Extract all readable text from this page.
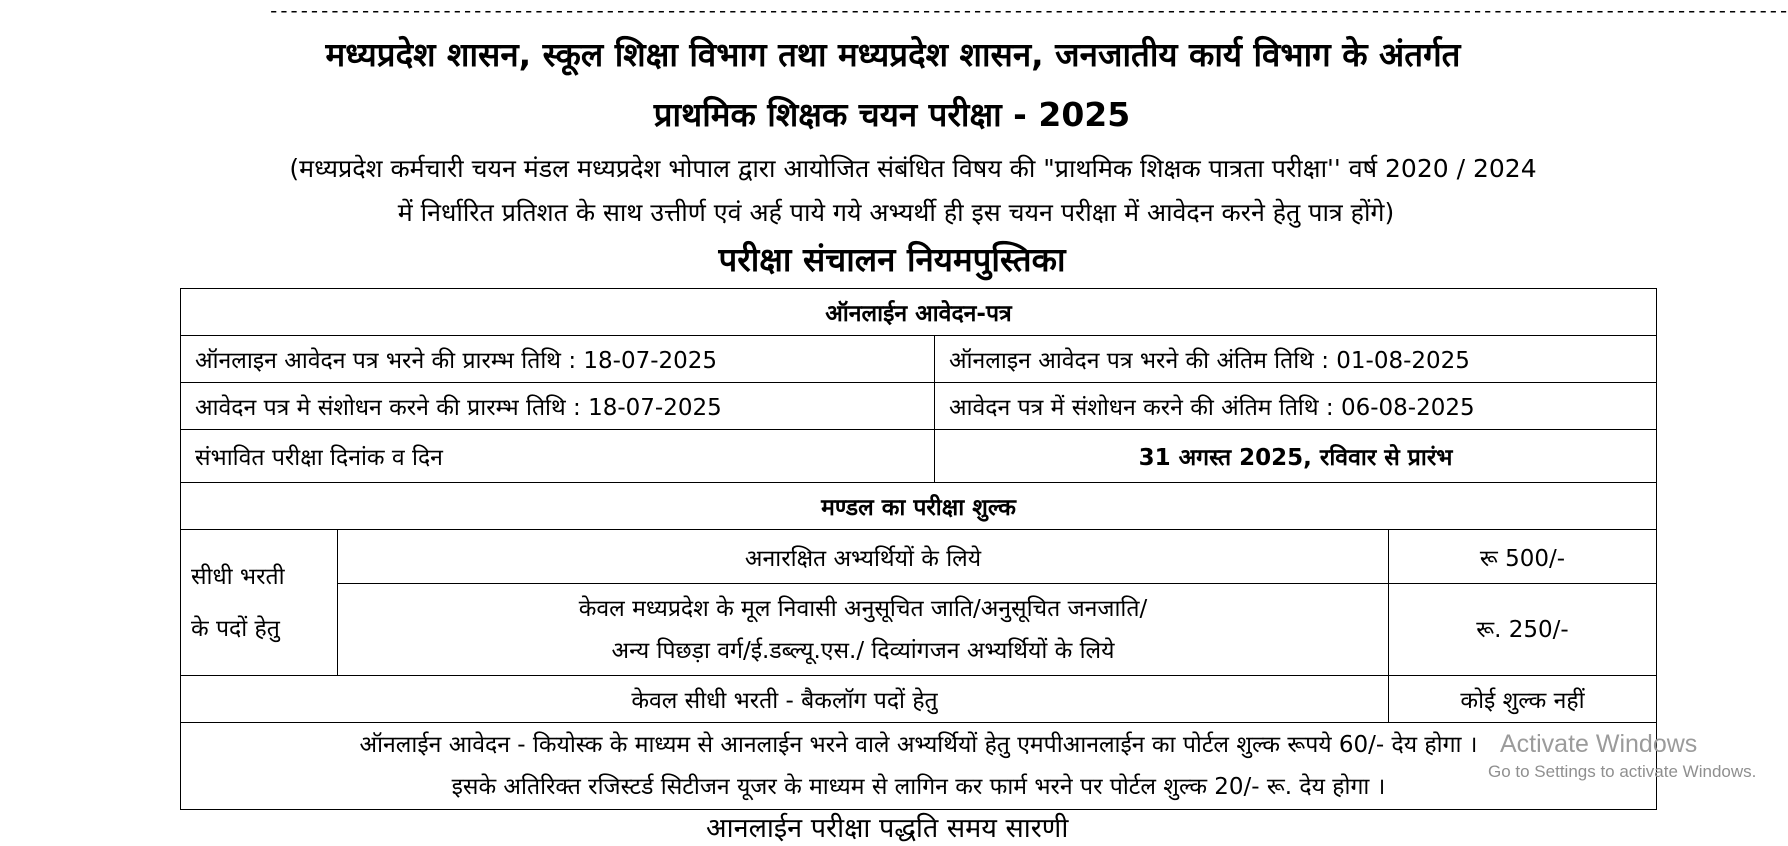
-----------------------------------------------------------------------------------------------------------------------------------------------------
मध्यप्रदेश शासन, स्कूल शिक्षा विभाग तथा मध्यप्रदेश शासन, जनजातीय कार्य विभाग के अंतर्गत
प्राथमिक शिक्षक चयन परीक्षा - 2025
(मध्यप्रदेश कर्मचारी चयन मंडल मध्यप्रदेश भोपाल द्वारा आयोजित संबंधित विषय की "प्राथमिक शिक्षक पात्रता परीक्षा'' वर्ष 2020 / 2024
में निर्धारित प्रतिशत के साथ उत्तीर्ण एवं अर्ह पाये गये अभ्यर्थी ही इस चयन परीक्षा में आवेदन करने हेतु पात्र होंगे)
परीक्षा संचालन नियमपुस्तिका
ऑनलाईन आवेदन-पत्र			
ऑनलाइन आवेदन पत्र भरने की प्रारम्भ तिथि : 18-07-2025		ऑनलाइन आवेदन पत्र भरने की अंतिम तिथि : 01-08-2025	
आवेदन पत्र मे संशोधन करने की प्रारम्भ तिथि : 18-07-2025		आवेदन पत्र में संशोधन करने की अंतिम तिथि : 06-08-2025	
संभावित परीक्षा दिनांक व दिन		31 अगस्त 2025, रविवार से प्रारंभ	
मण्डल का परीक्षा शुल्क			

सीधी भरती
के पदों हेतु	अनारक्षित अभ्यर्थियों के लिये		रू 500/-

	केवल मध्यप्रदेश के मूल निवासी अनुसूचित जाति/अनुसूचित जनजाति/
अन्य पिछड़ा वर्ग/ई.डब्ल्यू.एस./ दिव्यांगजन अभ्यर्थियों के लिये		रू. 250/-
केवल सीधी भरती - बैकलॉग पदों हेतु			कोई शुल्क नहीं

ऑनलाईन आवेदन - कियोस्क के माध्यम से आनलाईन भरने वाले अभ्यर्थियों हेतु एमपीआनलाईन का पोर्टल शुल्क रूपये 60/- देय होगा ।
इसके अतिरिक्त रजिस्टर्ड सिटीजन यूजर के माध्यम से लागिन कर फार्म भरने पर पोर्टल शुल्क 20/- रू. देय होगा ।			
आनलाईन परीक्षा पद्धति समय सारणी
Activate Windows
Go to Settings to activate Windows.
